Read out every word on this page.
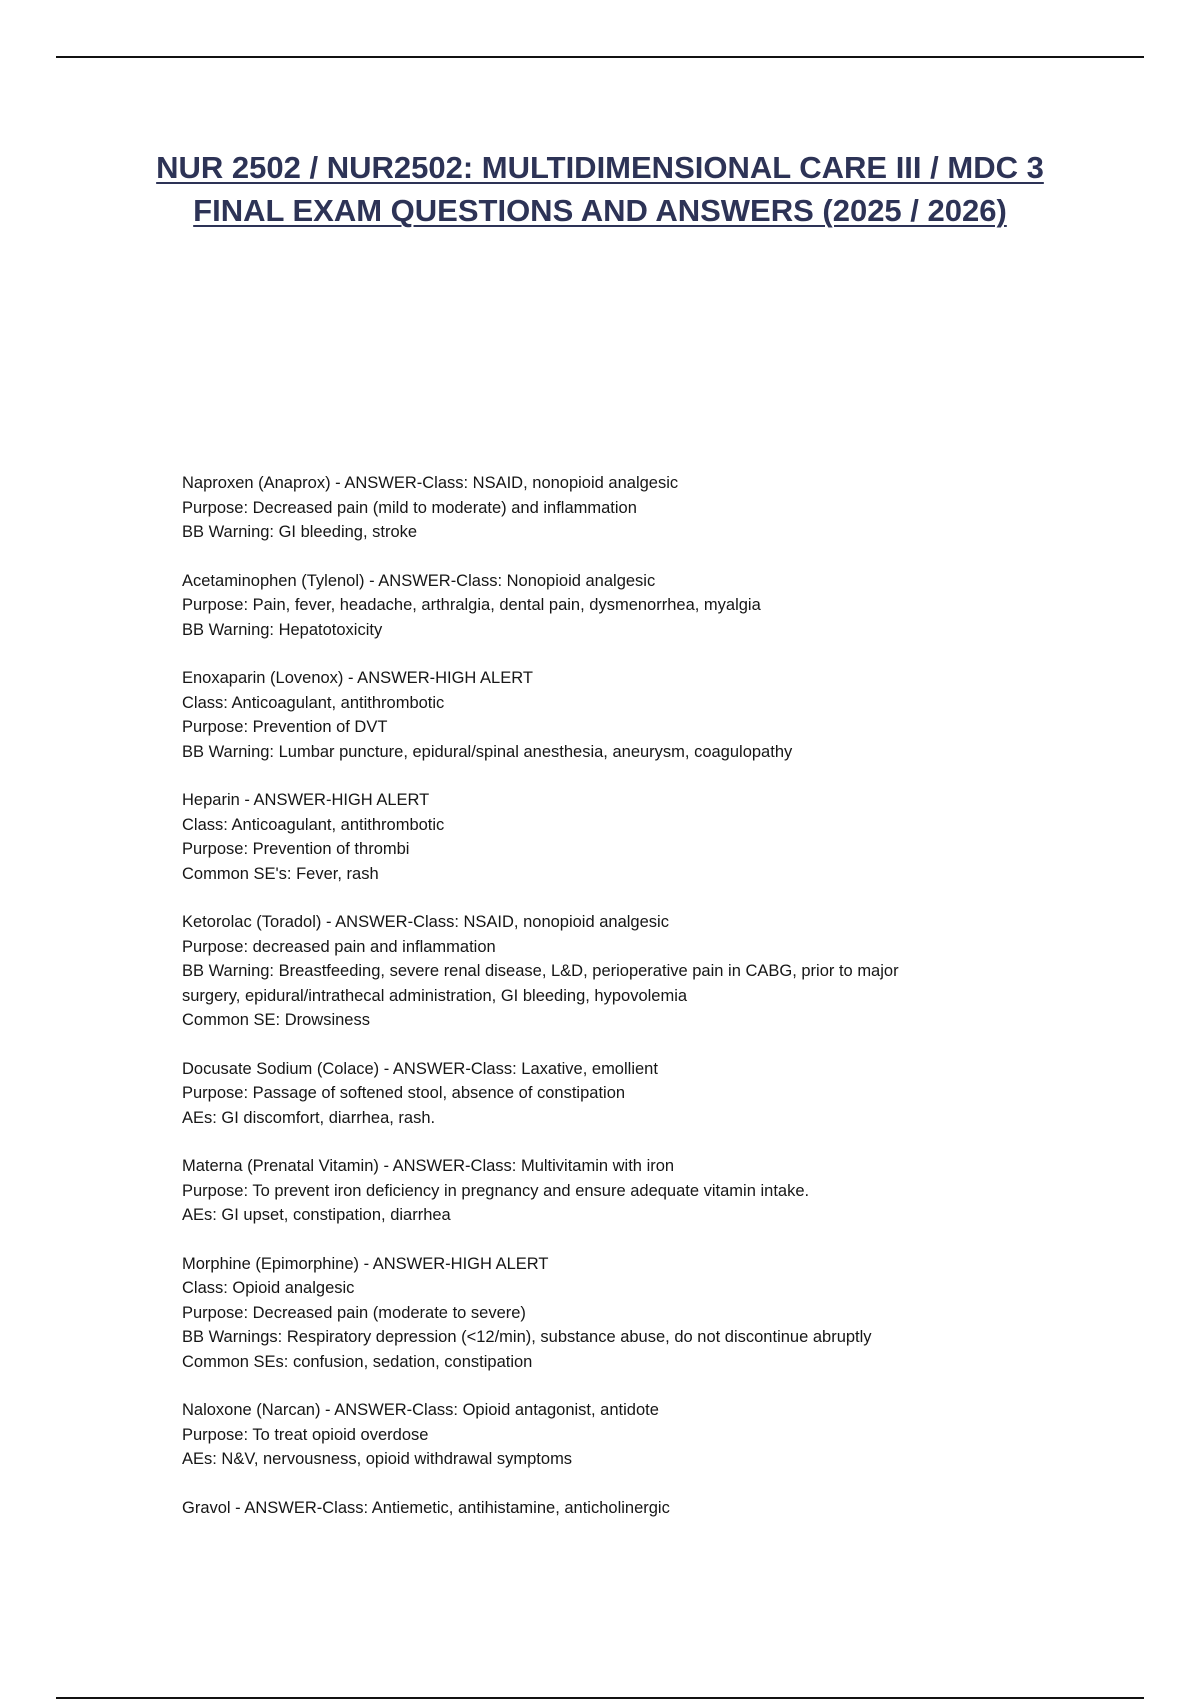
NUR 2502 / NUR2502: MULTIDIMENSIONAL CARE III / MDC 3 FINAL EXAM QUESTIONS AND ANSWERS (2025 / 2026)
Naproxen (Anaprox) - ANSWER-Class: NSAID, nonopioid analgesic
Purpose: Decreased pain (mild to moderate) and inflammation
BB Warning: GI bleeding, stroke
Acetaminophen (Tylenol) - ANSWER-Class: Nonopioid analgesic
Purpose: Pain, fever, headache, arthralgia, dental pain, dysmenorrhea, myalgia
BB Warning: Hepatotoxicity
Enoxaparin (Lovenox) - ANSWER-HIGH ALERT
Class: Anticoagulant, antithrombotic
Purpose: Prevention of DVT
BB Warning: Lumbar puncture, epidural/spinal anesthesia, aneurysm, coagulopathy
Heparin - ANSWER-HIGH ALERT
Class: Anticoagulant, antithrombotic
Purpose: Prevention of thrombi
Common SE's: Fever, rash
Ketorolac (Toradol) - ANSWER-Class: NSAID, nonopioid analgesic
Purpose: decreased pain and inflammation
BB Warning: Breastfeeding, severe renal disease, L&D, perioperative pain in CABG, prior to major
surgery, epidural/intrathecal administration, GI bleeding, hypovolemia
Common SE: Drowsiness
Docusate Sodium (Colace) - ANSWER-Class: Laxative, emollient
Purpose: Passage of softened stool, absence of constipation
AEs: GI discomfort, diarrhea, rash.
Materna (Prenatal Vitamin) - ANSWER-Class: Multivitamin with iron
Purpose: To prevent iron deficiency in pregnancy and ensure adequate vitamin intake.
AEs: GI upset, constipation, diarrhea
Morphine (Epimorphine) - ANSWER-HIGH ALERT
Class: Opioid analgesic
Purpose: Decreased pain (moderate to severe)
BB Warnings: Respiratory depression (<12/min), substance abuse, do not discontinue abruptly
Common SEs: confusion, sedation, constipation
Naloxone (Narcan) - ANSWER-Class: Opioid antagonist, antidote
Purpose: To treat opioid overdose
AEs: N&V, nervousness, opioid withdrawal symptoms
Gravol - ANSWER-Class: Antiemetic, antihistamine, anticholinergic
